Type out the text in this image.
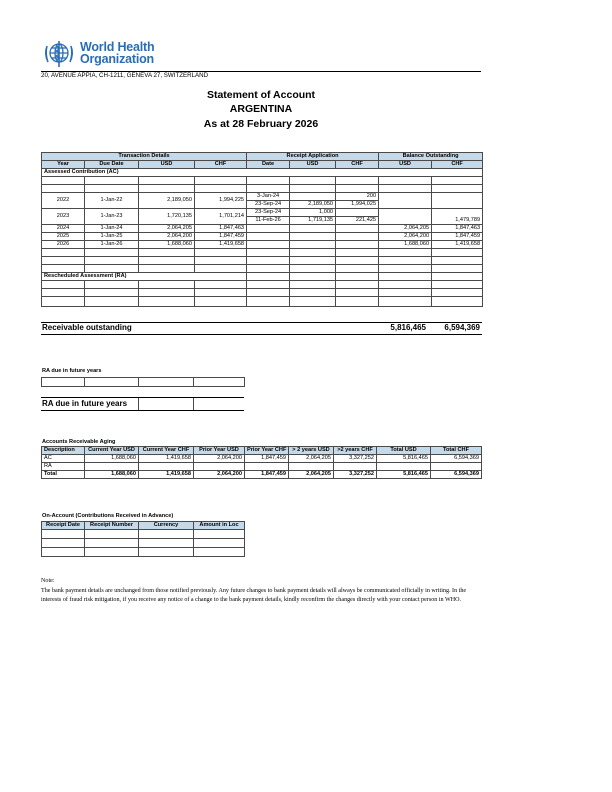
World Health
Organization
20, AVENUE APPIA, CH-1211, GENEVA 27, SWITZERLAND
Statement of Account
ARGENTINA
As at 28 February 2026
Transaction Details				Receipt Application			Balance Outstanding	
Year	Due Date	USD	CHF	Date	USD	CHF	USD	CHF
Assessed Contribution (AC)								

2022	1-Jan-22	2,189,050	1,994,225	3-Jan-24		200		
				23-Sep-24	2,189,050	1,994,025		
2023	1-Jan-23	1,720,135	1,701,214	23-Sep-24	1,000			1,479,789
				11-Feb-26	1,719,135	221,425		
2024	1-Jan-24	2,064,205	1,847,463				2,064,205	1,847,463
2025	1-Jan-25	2,064,200	1,847,459				2,064,200	1,847,459
2026	1-Jan-26	1,688,060	1,419,658				1,688,060	1,419,658

Rescheduled Assessment (RA)								

Receivable outstanding	5,816,465	6,594,369
RA due in future years

RA due in future years
Accounts Receivable Aging
Description	Current Year USD	Current Year CHF	Prior Year USD	Prior Year CHF	> 2 years USD	>2 years CHF	Total USD	Total CHF
AC	1,688,060	1,419,658	2,064,200	1,847,459	2,064,205	3,327,252	5,816,465	6,594,369
RA								
Total	1,688,060	1,419,658	2,064,200	1,847,459	2,064,205	3,327,252	5,816,465	6,594,369
On-Account (Contributions Received in Advance)
Receipt Date	Receipt Number	Currency	Amount in Loc

Note:
The bank payment details are unchanged from those notified previously. Any future changes to bank payment details will always be communicated officially in writing. In the interests of fraud risk mitigation, if you receive any notice of a change to the bank payment details, kindly reconfirm the changes directly with your contact person in WHO.
